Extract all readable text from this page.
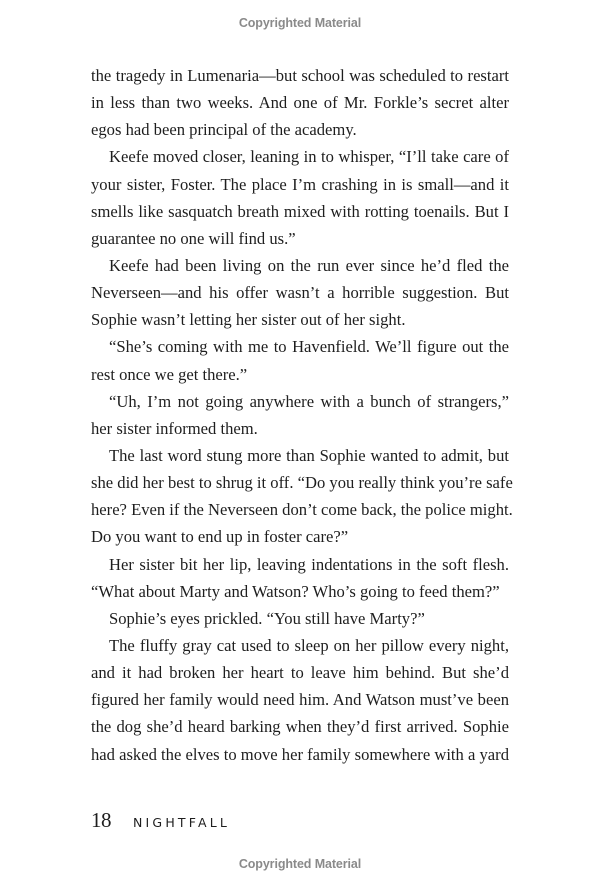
Copyrighted Material
the tragedy in Lumenaria—but school was scheduled to restart
in less than two weeks. And one of Mr. Forkle’s secret alter
egos had been principal of the academy.
Keefe moved closer, leaning in to whisper, “I’ll take care of
your sister, Foster. The place I’m crashing in is small—and it
smells like sasquatch breath mixed with rotting toenails. But I
guarantee no one will find us.”
Keefe had been living on the run ever since he’d fled the
Neverseen—and his offer wasn’t a horrible suggestion. But
Sophie wasn’t letting her sister out of her sight.
“She’s coming with me to Havenfield. We’ll figure out the
rest once we get there.”
“Uh, I’m not going anywhere with a bunch of strangers,”
her sister informed them.
The last word stung more than Sophie wanted to admit, but
she did her best to shrug it off. “Do you really think you’re safe
here? Even if the Neverseen don’t come back, the police might.
Do you want to end up in foster care?”
Her sister bit her lip, leaving indentations in the soft flesh.
“What about Marty and Watson? Who’s going to feed them?”
Sophie’s eyes prickled. “You still have Marty?”
The fluffy gray cat used to sleep on her pillow every night,
and it had broken her heart to leave him behind. But she’d
figured her family would need him. And Watson must’ve been
the dog she’d heard barking when they’d first arrived. Sophie
had asked the elves to move her family somewhere with a yard
18 NIGHTFALL
Copyrighted Material
